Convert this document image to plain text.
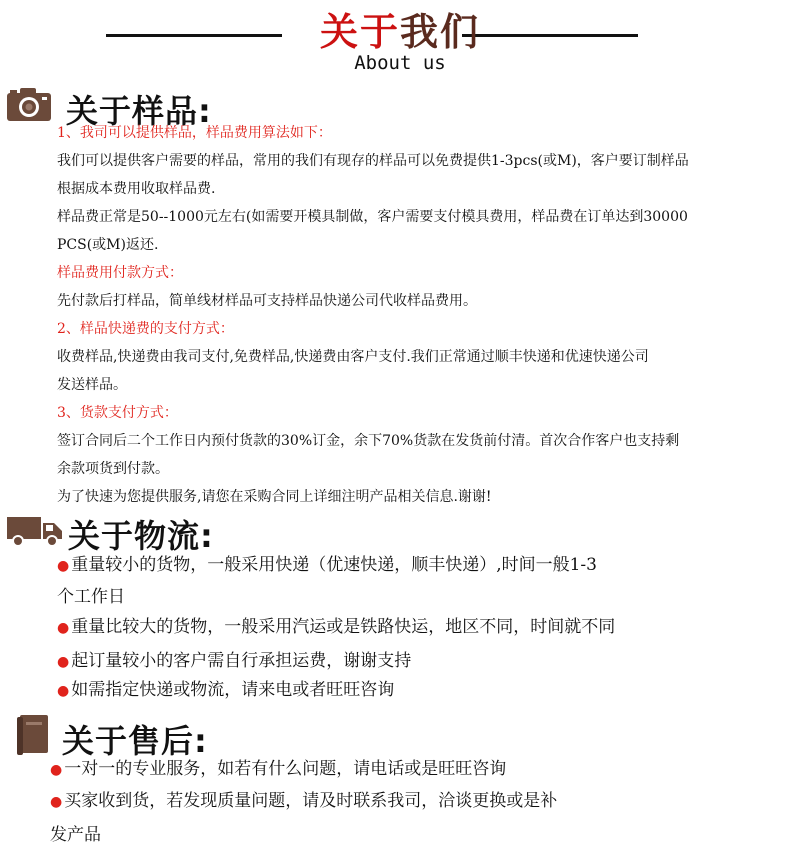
关于我们
About us
关于样品:
1、我司可以提供样品，样品费用算法如下：
我们可以提供客户需要的样品，常用的我们有现存的样品可以免费提供1-3pcs(或M)，客户要订制样品
根据成本费用收取样品费.
样品费正常是50--1000元左右(如需要开模具制做，客户需要支付模具费用，样品费在订单达到30000
PCS(或M)返还.
样品费用付款方式：
先付款后打样品，简单线材样品可支持样品快递公司代收样品费用。
2、样品快递费的支付方式：
收费样品,快递费由我司支付,免费样品,快递费由客户支付.我们正常通过顺丰快递和优速快递公司
发送样品。
3、货款支付方式：
签订合同后二个工作日内预付货款的30%订金，余下70%货款在发货前付清。首次合作客户也支持剩
余款项货到付款。
为了快速为您提供服务,请您在采购合同上详细注明产品相关信息.谢谢!
关于物流:
● 重量较小的货物，一般采用快递（优速快递，顺丰快递）,时间一般1-3
个工作日
● 重量比较大的货物，一般采用汽运或是铁路快运，地区不同，时间就不同
● 起订量较小的客户需自行承担运费，谢谢支持
● 如需指定快递或物流，请来电或者旺旺咨询
关于售后:
● 一对一的专业服务，如若有什么问题，请电话或是旺旺咨询
● 买家收到货，若发现质量问题，请及时联系我司，洽谈更换或是补
发产品
